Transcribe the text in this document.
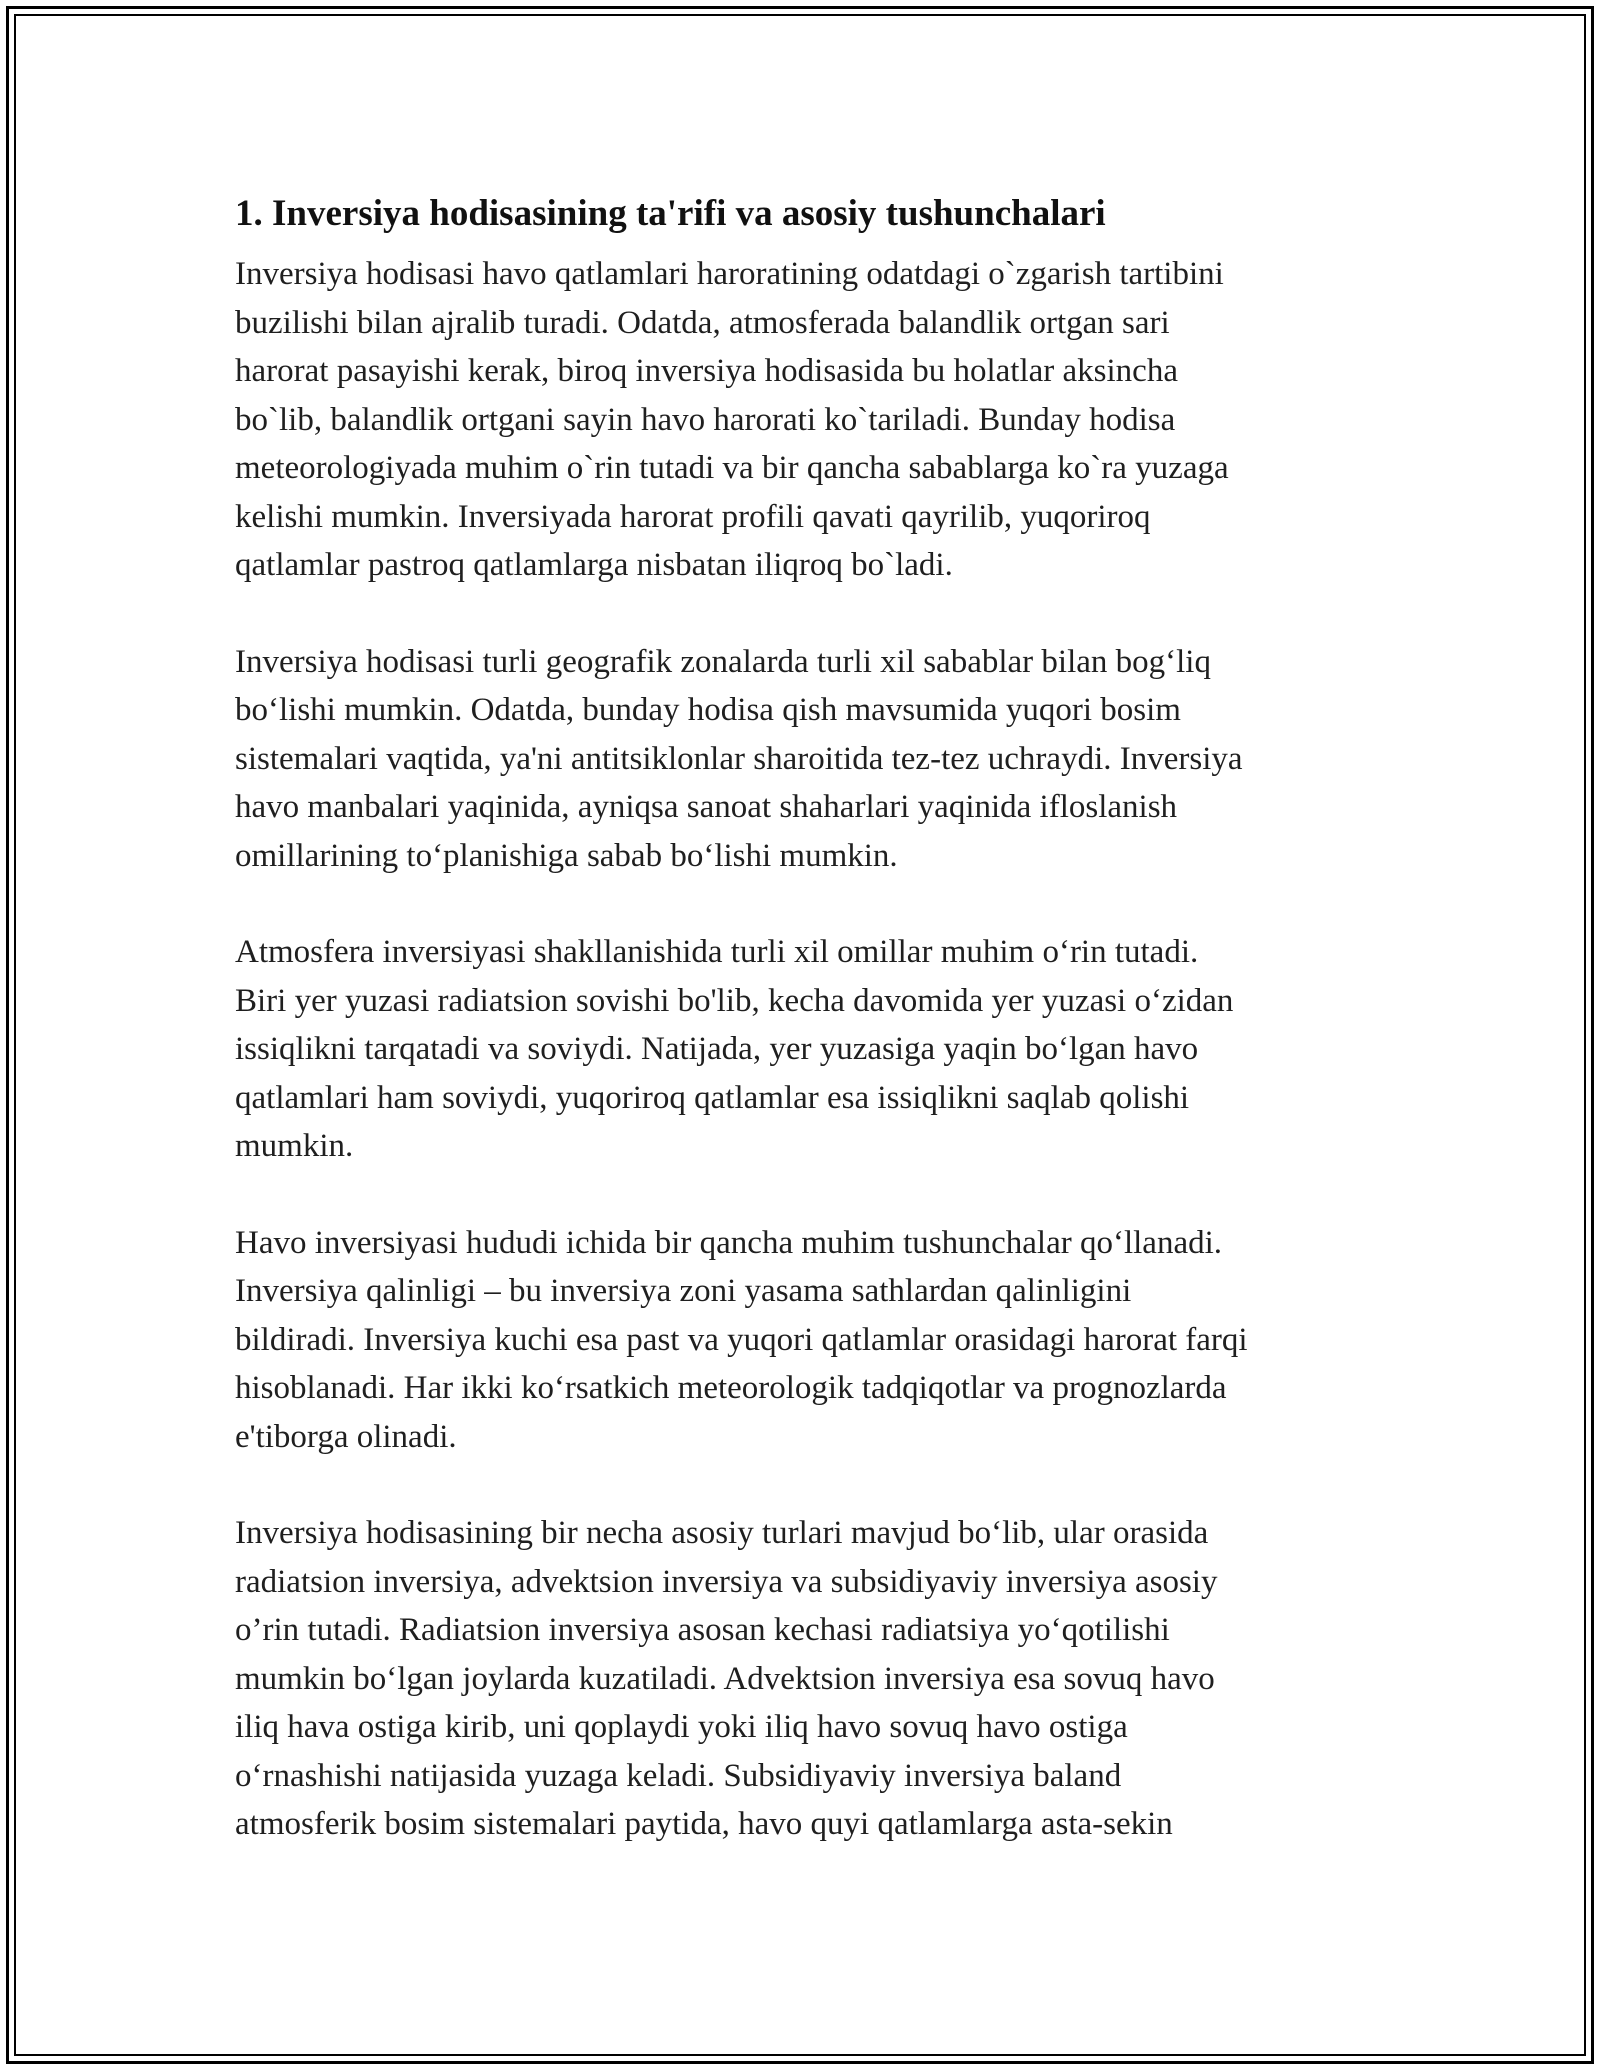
1. Inversiya hodisasining ta'rifi va asosiy tushunchalari

Inversiya hodisasi havo qatlamlari haroratining odatdagi o`zgarish tartibini
buzilishi bilan ajralib turadi. Odatda, atmosferada balandlik ortgan sari
harorat pasayishi kerak, biroq inversiya hodisasida bu holatlar aksincha
bo`lib, balandlik ortgani sayin havo harorati ko`tariladi. Bunday hodisa
meteorologiyada muhim o`rin tutadi va bir qancha sabablarga ko`ra yuzaga
kelishi mumkin. Inversiyada harorat profili qavati qayrilib, yuqoriroq
qatlamlar pastroq qatlamlarga nisbatan iliqroq bo`ladi.

Inversiya hodisasi turli geografik zonalarda turli xil sabablar bilan bog‘liq
bo‘lishi mumkin. Odatda, bunday hodisa qish mavsumida yuqori bosim
sistemalari vaqtida, ya'ni antitsiklonlar sharoitida tez-tez uchraydi. Inversiya
havo manbalari yaqinida, ayniqsa sanoat shaharlari yaqinida ifloslanish
omillarining to‘planishiga sabab bo‘lishi mumkin.

Atmosfera inversiyasi shakllanishida turli xil omillar muhim o‘rin tutadi.
Biri yer yuzasi radiatsion sovishi bo'lib, kecha davomida yer yuzasi o‘zidan
issiqlikni tarqatadi va soviydi. Natijada, yer yuzasiga yaqin bo‘lgan havo
qatlamlari ham soviydi, yuqoriroq qatlamlar esa issiqlikni saqlab qolishi
mumkin.

Havo inversiyasi hududi ichida bir qancha muhim tushunchalar qo‘llanadi.
Inversiya qalinligi – bu inversiya zoni yasama sathlardan qalinligini
bildiradi. Inversiya kuchi esa past va yuqori qatlamlar orasidagi harorat farqi
hisoblanadi. Har ikki ko‘rsatkich meteorologik tadqiqotlar va prognozlarda
e'tiborga olinadi.

Inversiya hodisasining bir necha asosiy turlari mavjud bo‘lib, ular orasida
radiatsion inversiya, advektsion inversiya va subsidiyaviy inversiya asosiy
o’rin tutadi. Radiatsion inversiya asosan kechasi radiatsiya yo‘qotilishi
mumkin bo‘lgan joylarda kuzatiladi. Advektsion inversiya esa sovuq havo
iliq hava ostiga kirib, uni qoplaydi yoki iliq havo sovuq havo ostiga
o‘rnashishi natijasida yuzaga keladi. Subsidiyaviy inversiya baland
atmosferik bosim sistemalari paytida, havo quyi qatlamlarga asta-sekin
